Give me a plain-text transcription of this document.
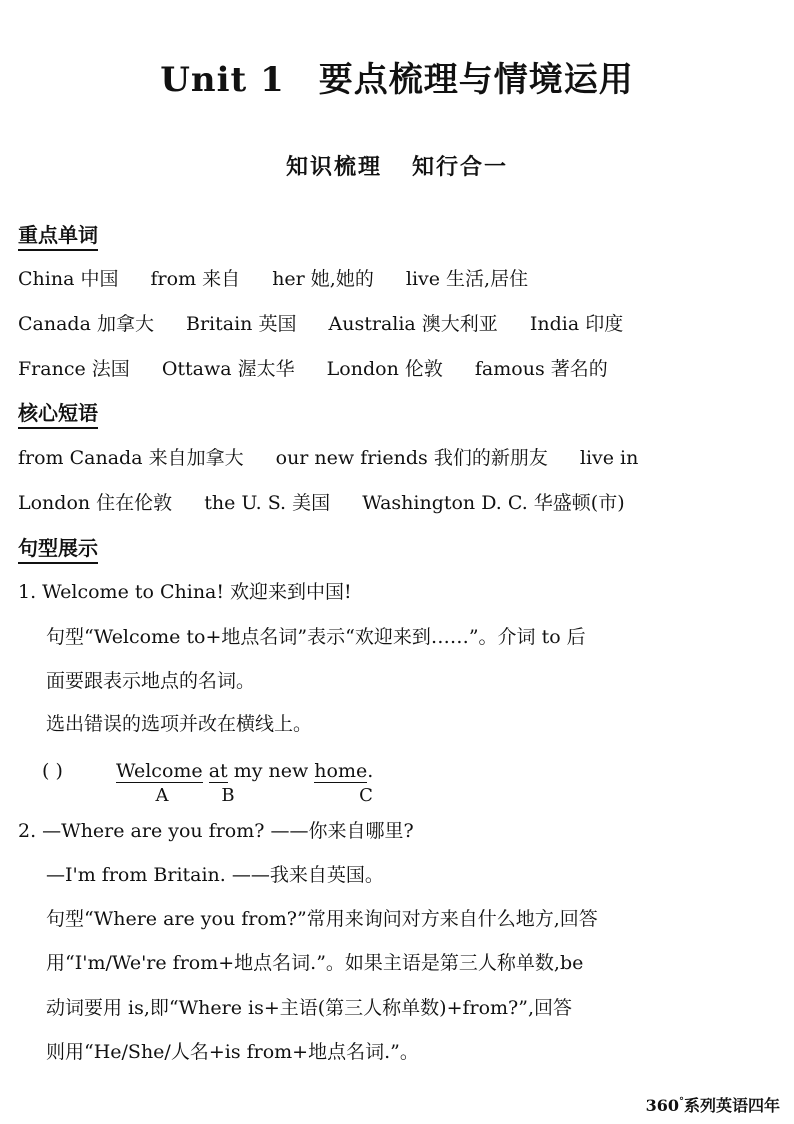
Unit 1 要点梳理与情境运用
知识梳理 知行合一
重点单词
China 中国 from 来自 her 她,她的 live 生活,居住
Canada 加拿大 Britain 英国 Australia 澳大利亚 India 印度
France 法国 Ottawa 渥太华 London 伦敦 famous 著名的
核心短语
from Canada 来自加拿大 our new friends 我们的新朋友 live in
London 住在伦敦 the U. S. 美国 Washington D. C. 华盛顿(市)
句型展示
1. Welcome to China! 欢迎来到中国!
句型“Welcome to+地点名词”表示“欢迎来到……”。介词 to 后
面要跟表示地点的名词。
选出错误的选项并改在横线上。
( )	Welcome at my new home.
A	B	C
2. —Where are you from? ——你来自哪里?
—I'm from Britain. ——我来自英国。
句型“Where are you from?”常用来询问对方来自什么地方,回答
用“I'm/We're from+地点名词.”。如果主语是第三人称单数,be
动词要用 is,即“Where is+主语(第三人称单数)+from?”,回答
则用“He/She/人名+is from+地点名词.”。
360°系列英语四年
